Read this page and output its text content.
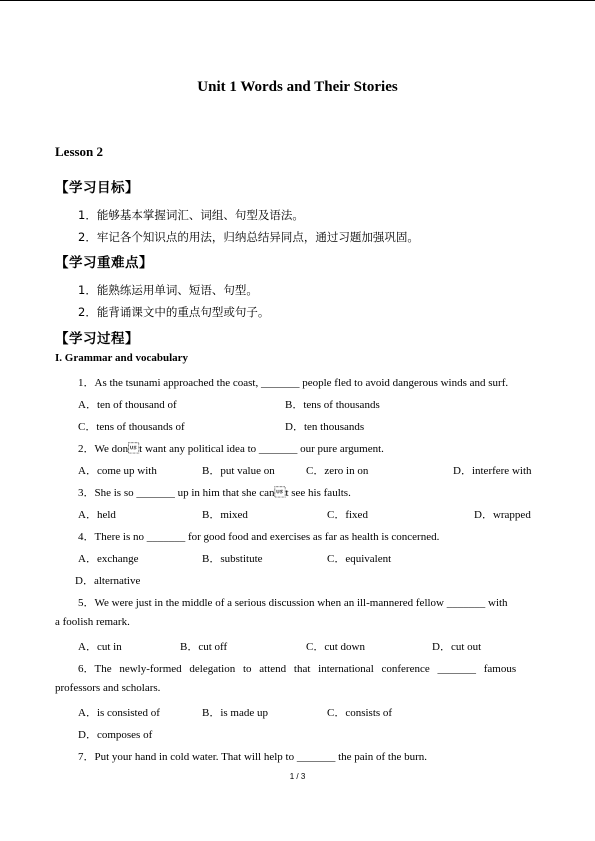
Unit 1 Words and Their Stories
Lesson 2
【学习目标】
1．能够基本掌握词汇、词组、句型及语法。
2．牢记各个知识点的用法，归纳总结异同点，通过习题加强巩固。
【学习重难点】
1．能熟练运用单词、短语、句型。
2．能背诵课文中的重点句型或句子。
【学习过程】
I. Grammar and vocabulary
1．As the tsunami approached the coast, _______ people fled to avoid dangerous winds and surf.
A．ten of thousand of	B．tens of thousands
C．tens of thousands of	D．ten thousands
2．We dont want any political idea to _______ our pure argument.
A．come up with	B．put value on	C．zero in on	D．interfere with
3．She is so _______ up in him that she cant see his faults.
A．held	B．mixed	C．fixed	D．wrapped
4．There is no _______ for good food and exercises as far as health is concerned.
A．exchange	B．substitute	C．equivalent
D．alternative
5．We were just in the middle of a serious discussion when an ill-mannered fellow _______ with
a foolish remark.
A．cut in	B．cut off	C．cut down	D．cut out
6．The newly-formed delegation to attend that international conference _______ famous
professors and scholars.
A．is consisted of	B．is made up	C．consists of
D．composes of
7．Put your hand in cold water. That will help to _______ the pain of the burn.
1 / 3
